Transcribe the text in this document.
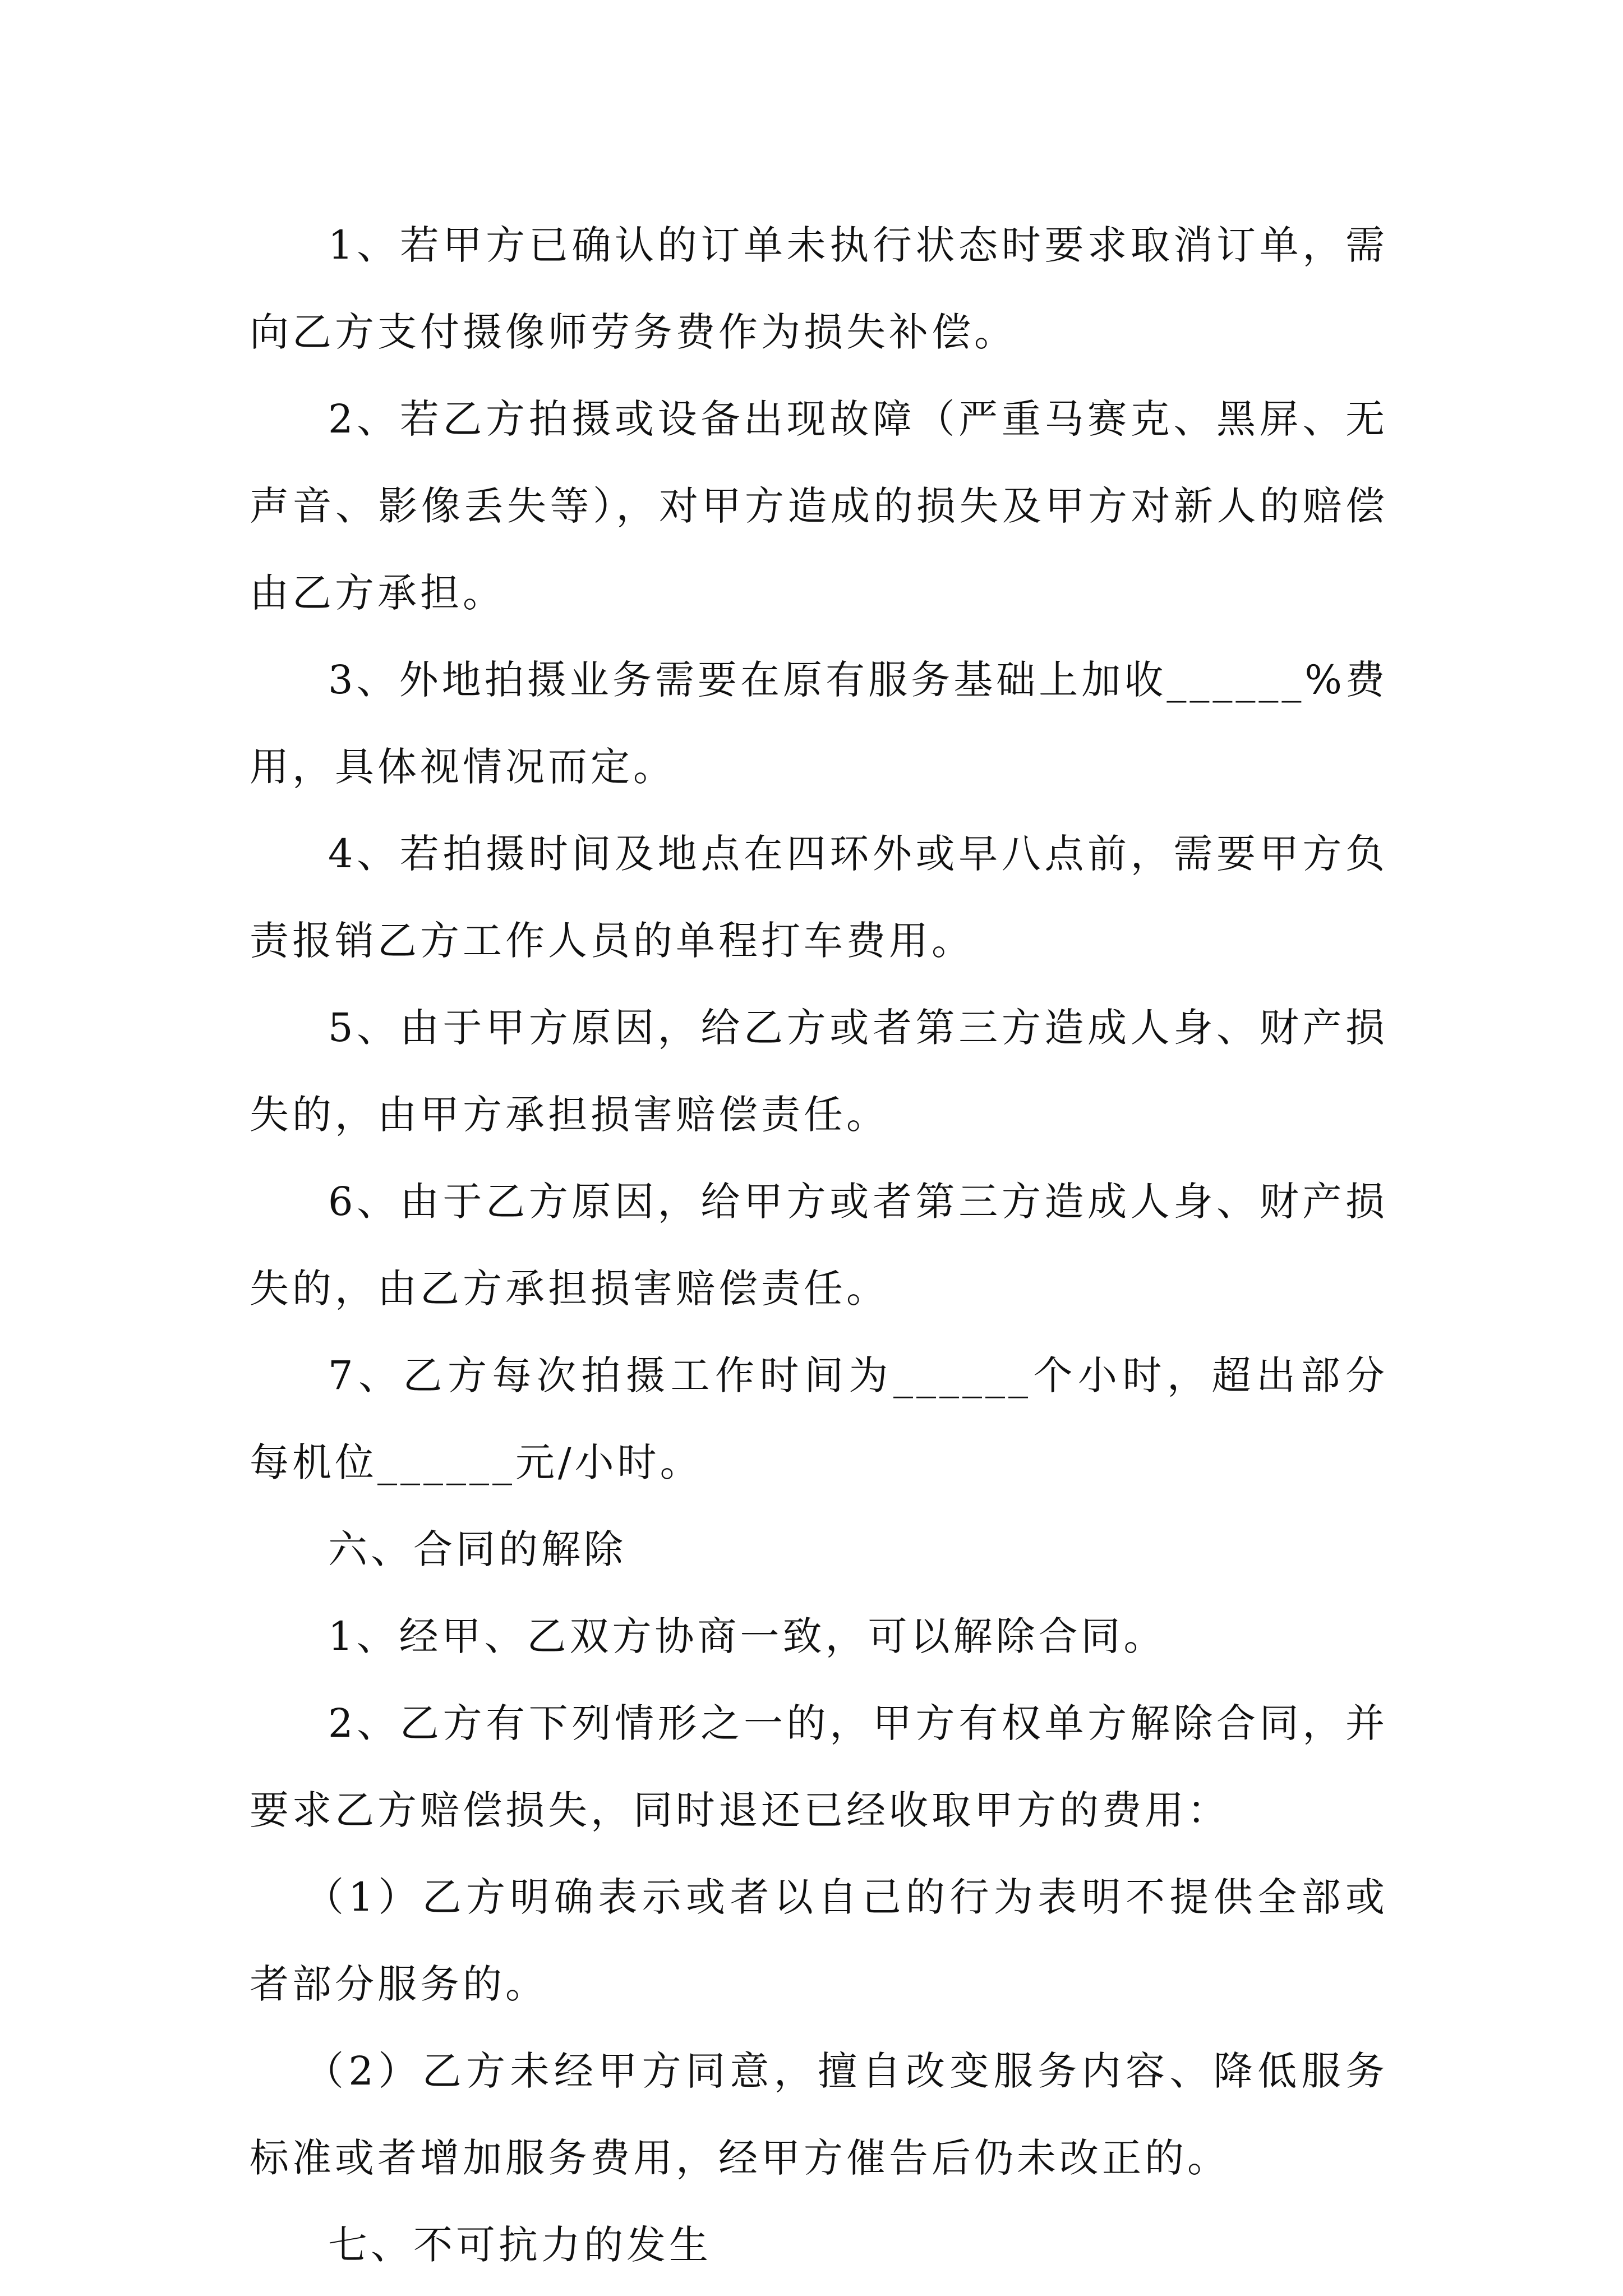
1、若甲方已确认的订单未执行状态时要求取消订单，需向乙方支付摄像师劳务费作为损失补偿。

2、若乙方拍摄或设备出现故障（严重马赛克、黑屏、无声音、影像丢失等），对甲方造成的损失及甲方对新人的赔偿由乙方承担。

3、外地拍摄业务需要在原有服务基础上加收______%费用，具体视情况而定。

4、若拍摄时间及地点在四环外或早八点前，需要甲方负责报销乙方工作人员的单程打车费用。

5、由于甲方原因，给乙方或者第三方造成人身、财产损失的，由甲方承担损害赔偿责任。

6、由于乙方原因，给甲方或者第三方造成人身、财产损失的，由乙方承担损害赔偿责任。

7、乙方每次拍摄工作时间为______个小时，超出部分每机位______元/小时。

六、合同的解除

1、经甲、乙双方协商一致，可以解除合同。

2、乙方有下列情形之一的，甲方有权单方解除合同，并要求乙方赔偿损失，同时退还已经收取甲方的费用：

（1）乙方明确表示或者以自己的行为表明不提供全部或者部分服务的。

（2）乙方未经甲方同意，擅自改变服务内容、降低服务标准或者增加服务费用，经甲方催告后仍未改正的。

七、不可抗力的发生
